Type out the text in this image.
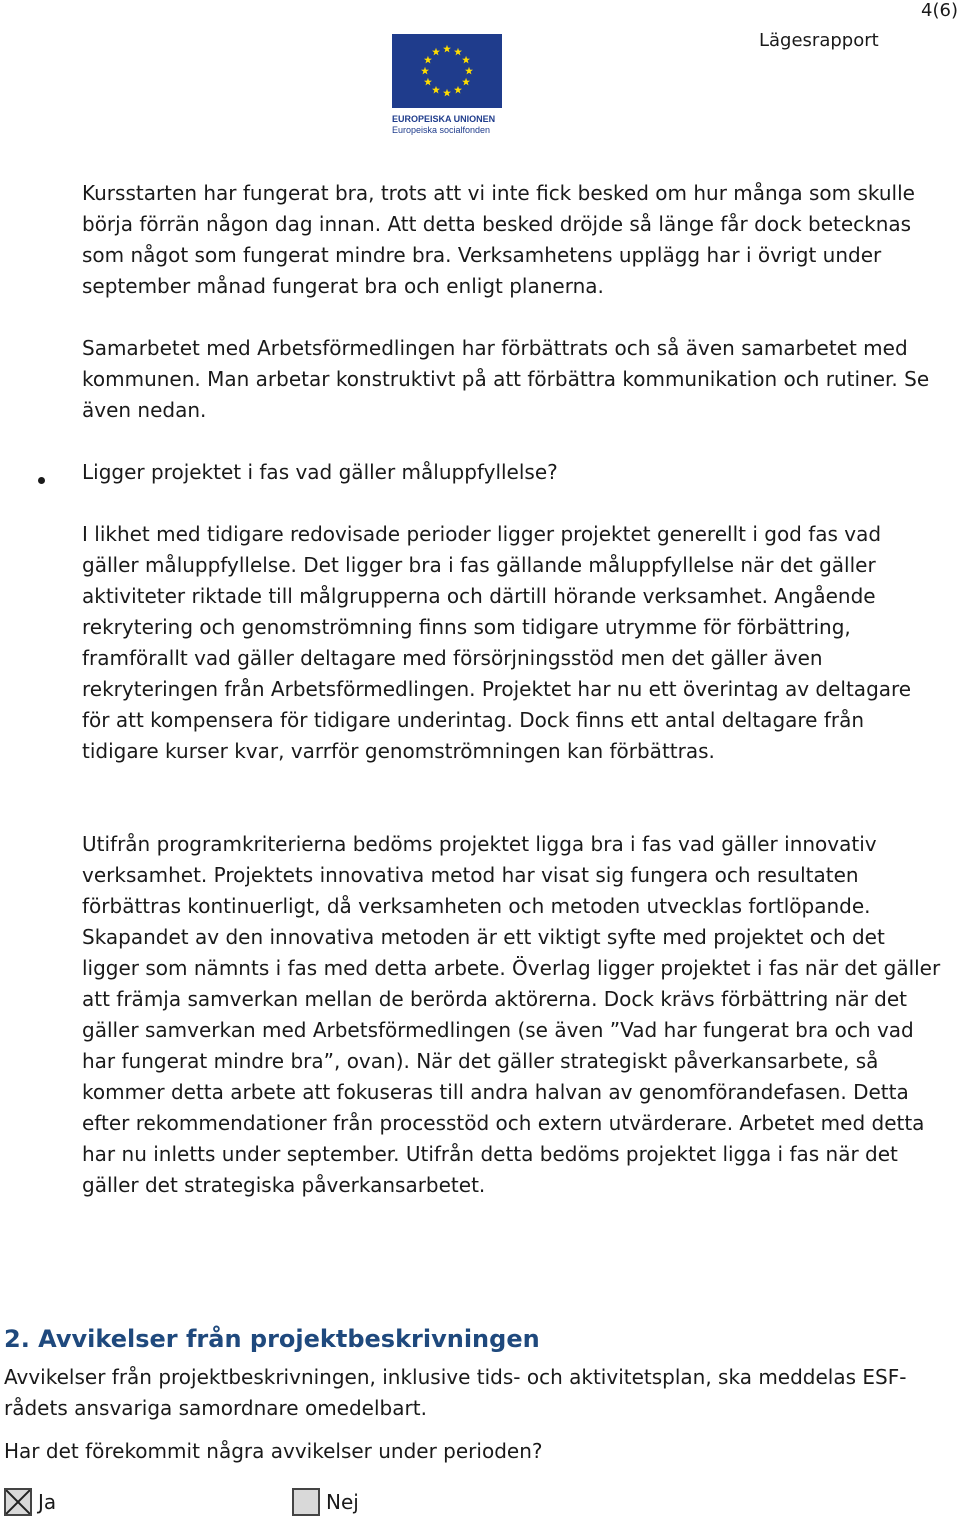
4(6)
Lägesrapport
EUROPEISKA UNIONEN
Europeiska socialfonden

Kursstarten har fungerat bra, trots att vi inte fick besked om hur många som skulle börja förrän någon dag innan. Att detta besked dröjde så länge får dock betecknas som något som fungerat mindre bra. Verksamhetens upplägg har i övrigt under september månad fungerat bra och enligt planerna.

Samarbetet med Arbetsförmedlingen har förbättrats och så även samarbetet med kommunen. Man arbetar konstruktivt på att förbättra kommunikation och rutiner. Se även nedan.

Ligger projektet i fas vad gäller måluppfyllelse?

I likhet med tidigare redovisade perioder ligger projektet generellt i god fas vad gäller måluppfyllelse. Det ligger bra i fas gällande måluppfyllelse när det gäller aktiviteter riktade till målgrupperna och därtill hörande verksamhet. Angående rekrytering och genomströmning finns som tidigare utrymme för förbättring, framförallt vad gäller deltagare med försörjningsstöd men det gäller även rekryteringen från Arbetsförmedlingen. Projektet har nu ett överintag av deltagare för att kompensera för tidigare underintag. Dock finns ett antal deltagare från tidigare kurser kvar, varrför genomströmningen kan förbättras.

Utifrån programkriterierna bedöms projektet ligga bra i fas vad gäller innovativ verksamhet. Projektets innovativa metod har visat sig fungera och resultaten förbättras kontinuerligt, då verksamheten och metoden utvecklas fortlöpande. Skapandet av den innovativa metoden är ett viktigt syfte med projektet och det ligger som nämnts i fas med detta arbete. Överlag ligger projektet i fas när det gäller att främja samverkan mellan de berörda aktörerna. Dock krävs förbättring när det gäller samverkan med Arbetsförmedlingen (se även ”Vad har fungerat bra och vad har fungerat mindre bra”, ovan). När det gäller strategiskt påverkansarbete, så kommer detta arbete att fokuseras till andra halvan av genomförandefasen. Detta efter rekommendationer från processtöd och extern utvärderare. Arbetet med detta har nu inletts under september. Utifrån detta bedöms projektet ligga i fas när det gäller det strategiska påverkansarbetet.

2. Avvikelser från projektbeskrivningen

Avvikelser från projektbeskrivningen, inklusive tids- och aktivitetsplan, ska meddelas ESF-rådets ansvariga samordnare omedelbart.

Har det förekommit några avvikelser under perioden?

Ja	Nej
